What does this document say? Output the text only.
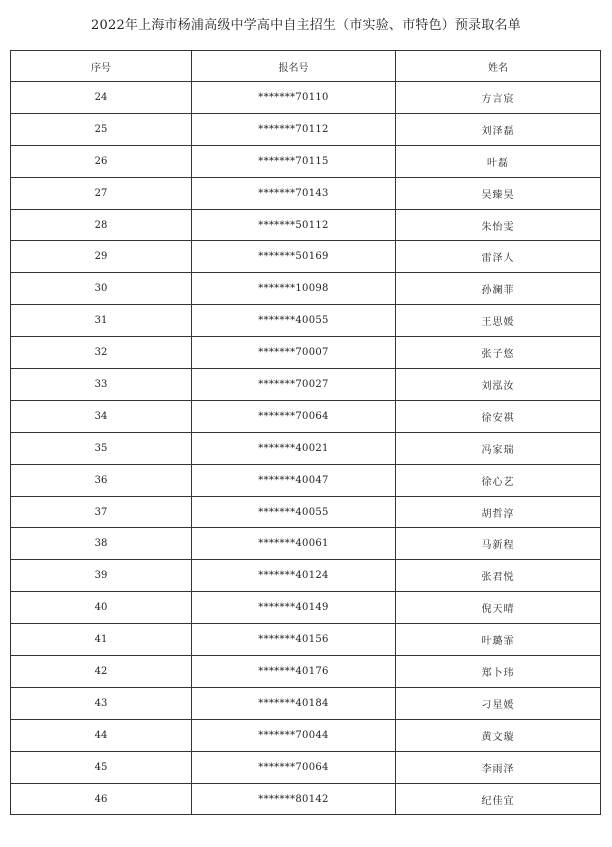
2022年上海市杨浦高级中学高中自主招生（市实验、市特色）预录取名单
序号	报名号	姓名
24	*******70110	方言宸
25	*******70112	刘泽磊
26	*******70115	叶磊
27	*******70143	吴臻昊
28	*******50112	朱怡雯
29	*******50169	雷泽人
30	*******10098	孙澜菲
31	*******40055	王思媛
32	*******70007	张子悠
33	*******70027	刘泓汝
34	*******70064	徐安祺
35	*******40021	冯家瑞
36	*******40047	徐心艺
37	*******40055	胡哲淳
38	*******40061	马新程
39	*******40124	张君悦
40	*******40149	倪天晴
41	*******40156	叶璐霏
42	*******40176	郑卜玮
43	*******40184	刁星媛
44	*******70044	黄文璇
45	*******70064	李雨泽
46	*******80142	纪佳宜
